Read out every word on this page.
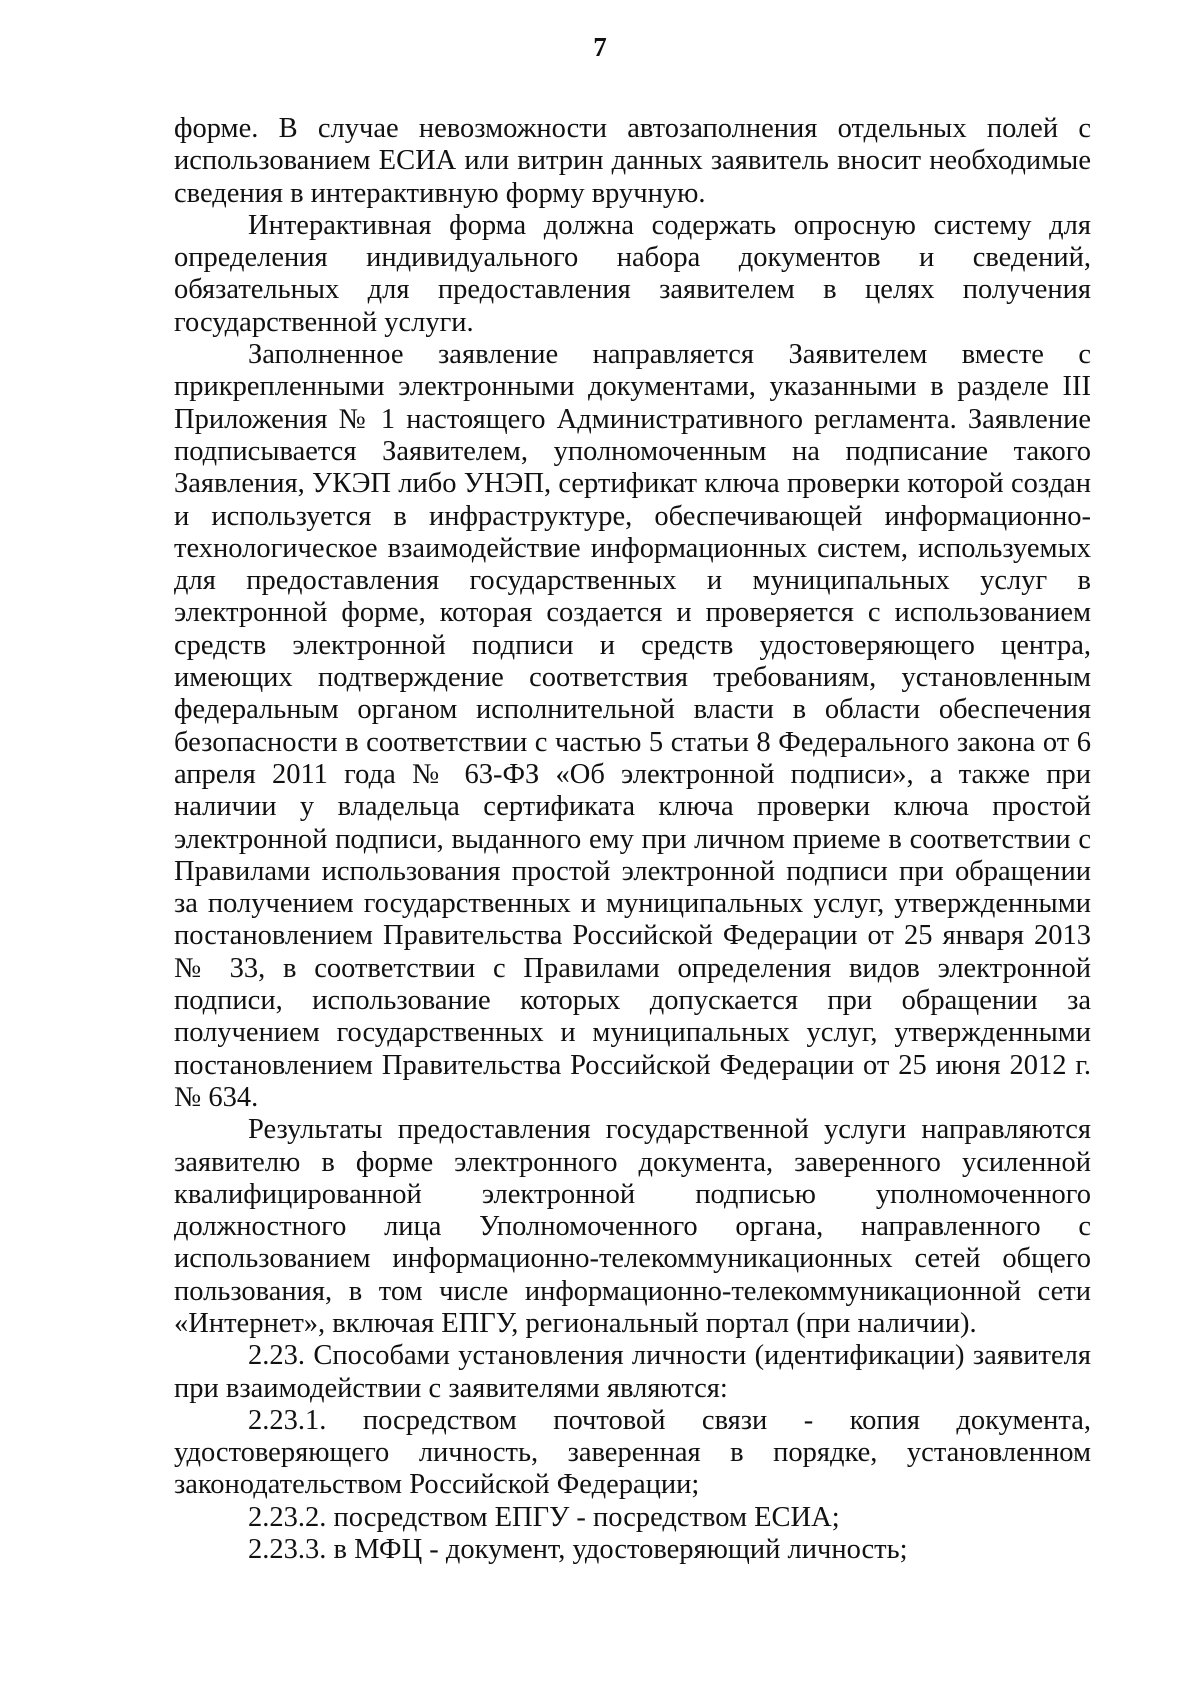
7

форме. В случае невозможности автозаполнения отдельных полей с использованием ЕСИА или витрин данных заявитель вносит необходимые сведения в интерактивную форму вручную.

Интерактивная форма должна содержать опросную систему для определения индивидуального набора документов и сведений, обязательных для предоставления заявителем в целях получения государственной услуги.

Заполненное заявление направляется Заявителем вместе с прикрепленными электронными документами, указанными в разделе III Приложения № 1 настоящего Административного регламента. Заявление подписывается Заявителем, уполномоченным на подписание такого Заявления, УКЭП либо УНЭП, сертификат ключа проверки которой создан и используется в инфраструктуре, обеспечивающей информационно-технологическое взаимодействие информационных систем, используемых для предоставления государственных и муниципальных услуг в электронной форме, которая создается и проверяется с использованием средств электронной подписи и средств удостоверяющего центра, имеющих подтверждение соответствия требованиям, установленным федеральным органом исполнительной власти в области обеспечения безопасности в соответствии с частью 5 статьи 8 Федерального закона от 6 апреля 2011 года № 63-ФЗ «Об электронной подписи», а также при наличии у владельца сертификата ключа проверки ключа простой электронной подписи, выданного ему при личном приеме в соответствии с Правилами использования простой электронной подписи при обращении за получением государственных и муниципальных услуг, утвержденными постановлением Правительства Российской Федерации от 25 января 2013 № 33, в соответствии с Правилами определения видов электронной подписи, использование которых допускается при обращении за получением государственных и муниципальных услуг, утвержденными постановлением Правительства Российской Федерации от 25 июня 2012 г. № 634.

Результаты предоставления государственной услуги направляются заявителю в форме электронного документа, заверенного усиленной квалифицированной электронной подписью уполномоченного должностного лица Уполномоченного органа, направленного с использованием информационно-телекоммуникационных сетей общего пользования, в том числе информационно-телекоммуникационной сети «Интернет», включая ЕПГУ, региональный портал (при наличии).

2.23. Способами установления личности (идентификации) заявителя при взаимодействии с заявителями являются:

2.23.1. посредством почтовой связи - копия документа, удостоверяющего личность, заверенная в порядке, установленном законодательством Российской Федерации;

2.23.2. посредством ЕПГУ - посредством ЕСИА;

2.23.3. в МФЦ - документ, удостоверяющий личность;
